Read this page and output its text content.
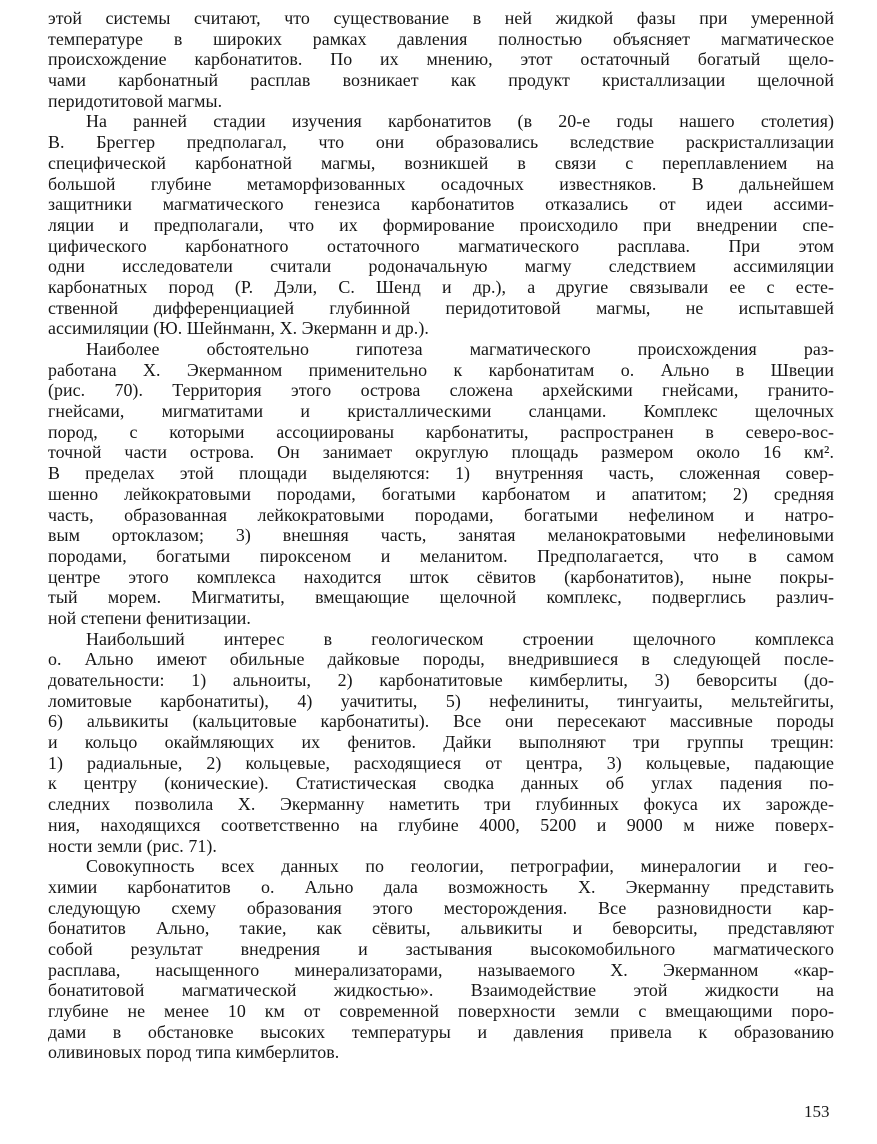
этой системы считают, что существование в ней жидкой фазы при умеренной
температуре в широких рамках давления полностью объясняет магматическое
происхождение карбонатитов. По их мнению, этот остаточный богатый щело-
чами карбонатный расплав возникает как продукт кристаллизации щелочной
перидотитовой магмы.
На ранней стадии изучения карбонатитов (в 20-е годы нашего столетия)
В. Бреггер предполагал, что они образовались вследствие раскристаллизации
специфической карбонатной магмы, возникшей в связи с переплавлением на
большой глубине метаморфизованных осадочных известняков. В дальнейшем
защитники магматического генезиса карбонатитов отказались от идеи ассими-
ляции и предполагали, что их формирование происходило при внедрении спе-
цифического карбонатного остаточного магматического расплава. При этом
одни исследователи считали родоначальную магму следствием ассимиляции
карбонатных пород (Р. Дэли, С. Шенд и др.), а другие связывали ее с есте-
ственной дифференциацией глубинной перидотитовой магмы, не испытавшей
ассимиляции (Ю. Шейнманн, Х. Экерманн и др.).
Наиболее обстоятельно гипотеза магматического происхождения раз-
работана Х. Экерманном применительно к карбонатитам о. Ально в Швеции
(рис. 70). Территория этого острова сложена архейскими гнейсами, гранито-
гнейсами, мигматитами и кристаллическими сланцами. Комплекс щелочных
пород, с которыми ассоциированы карбонатиты, распространен в северо-вос-
точной части острова. Он занимает округлую площадь размером около 16 км².
В пределах этой площади выделяются: 1) внутренняя часть, сложенная совер-
шенно лейкократовыми породами, богатыми карбонатом и апатитом; 2) средняя
часть, образованная лейкократовыми породами, богатыми нефелином и натро-
вым ортоклазом; 3) внешняя часть, занятая меланократовыми нефелиновыми
породами, богатыми пироксеном и меланитом. Предполагается, что в самом
центре этого комплекса находится шток сёвитов (карбонатитов), ныне покры-
тый морем. Мигматиты, вмещающие щелочной комплекс, подверглись различ-
ной степени фенитизации.
Наибольший интерес в геологическом строении щелочного комплекса
о. Ально имеют обильные дайковые породы, внедрившиеся в следующей после-
довательности: 1) альноиты, 2) карбонатитовые кимберлиты, 3) беворситы (до-
ломитовые карбонатиты), 4) уачититы, 5) нефелиниты, тингуаиты, мельтейгиты,
6) альвикиты (кальцитовые карбонатиты). Все они пересекают массивные породы
и кольцо окаймляющих их фенитов. Дайки выполняют три группы трещин:
1) радиальные, 2) кольцевые, расходящиеся от центра, 3) кольцевые, падающие
к центру (конические). Статистическая сводка данных об углах падения по-
следних позволила Х. Экерманну наметить три глубинных фокуса их зарожде-
ния, находящихся соответственно на глубине 4000, 5200 и 9000 м ниже поверх-
ности земли (рис. 71).
Совокупность всех данных по геологии, петрографии, минералогии и гео-
химии карбонатитов о. Ально дала возможность Х. Экерманну представить
следующую схему образования этого месторождения. Все разновидности кар-
бонатитов Ально, такие, как сёвиты, альвикиты и беворситы, представляют
собой результат внедрения и застывания высокомобильного магматического
расплава, насыщенного минерализаторами, называемого Х. Экерманном «кар-
бонатитовой магматической жидкостью». Взаимодействие этой жидкости на
глубине не менее 10 км от современной поверхности земли с вмещающими поро-
дами в обстановке высоких температуры и давления привела к образованию
оливиновых пород типа кимберлитов.
153
